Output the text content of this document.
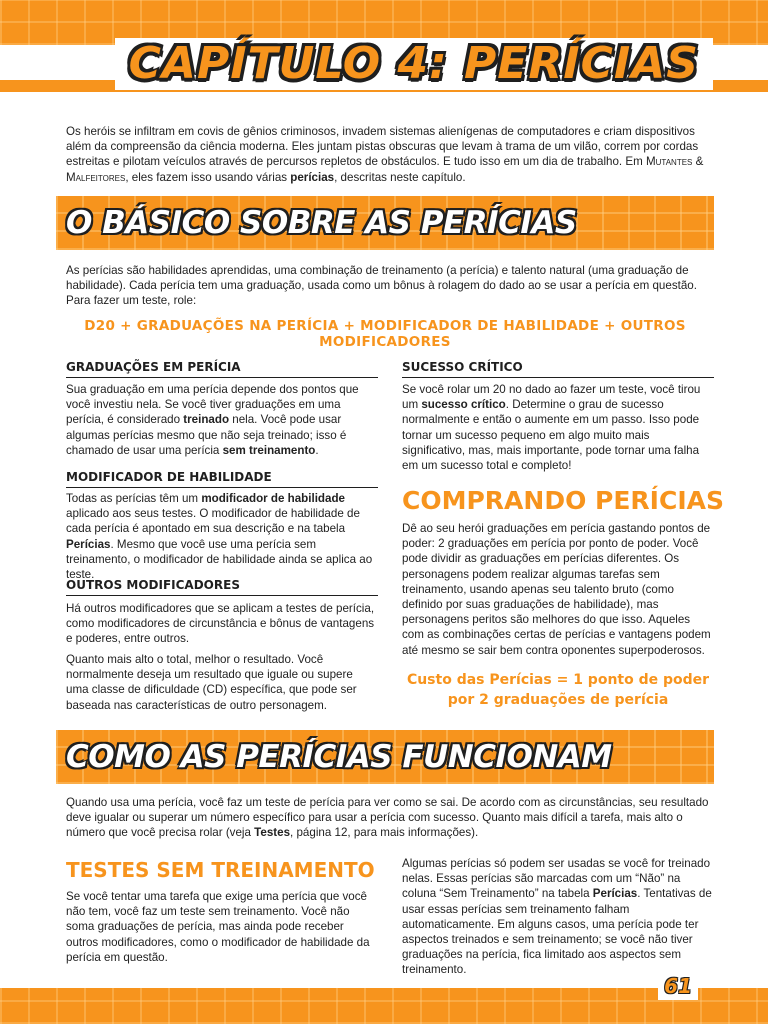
CAPÍTULO 4: PERÍCIAS

Os heróis se infiltram em covis de gênios criminosos, invadem sistemas alienígenas de computadores e criam dispositivos além da compreensão da ciência moderna. Eles juntam pistas obscuras que levam à trama de um vilão, correm por cordas estreitas e pilotam veículos através de percursos repletos de obstáculos. E tudo isso em um dia de trabalho. Em Mutantes & Malfeitores, eles fazem isso usando várias perícias, descritas neste capítulo.

O BÁSICO SOBRE AS PERÍCIAS

As perícias são habilidades aprendidas, uma combinação de treinamento (a perícia) e talento natural (uma graduação de habilidade). Cada perícia tem uma graduação, usada como um bônus à rolagem do dado ao se usar a perícia em questão. Para fazer um teste, role:

D20 + GRADUAÇÕES NA PERÍCIA + MODIFICADOR DE HABILIDADE + OUTROS MODIFICADORES
GRADUAÇÕES EM PERÍCIA

Sua graduação em uma perícia depende dos pontos que você investiu nela. Se você tiver graduações em uma perícia, é considerado treinado nela. Você pode usar algumas perícias mesmo que não seja treinado; isso é chamado de usar uma perícia sem treinamento.

MODIFICADOR DE HABILIDADE

Todas as perícias têm um modificador de habilidade aplicado aos seus testes. O modificador de habilidade de cada perícia é apontado em sua descrição e na tabela Perícias. Mesmo que você use uma perícia sem treinamento, o modificador de habilidade ainda se aplica ao teste.

OUTROS MODIFICADORES

Há outros modificadores que se aplicam a testes de perícia, como modificadores de circunstância e bônus de vantagens e poderes, entre outros.

Quanto mais alto o total, melhor o resultado. Você normalmente deseja um resultado que iguale ou supere uma classe de dificuldade (CD) específica, que pode ser baseada nas características de outro personagem.

SUCESSO CRÍTICO

Se você rolar um 20 no dado ao fazer um teste, você tirou um sucesso crítico. Determine o grau de sucesso normalmente e então o aumente em um passo. Isso pode tornar um sucesso pequeno em algo muito mais significativo, mas, mais importante, pode tornar uma falha em um sucesso total e completo!

COMPRANDO PERÍCIAS

Dê ao seu herói graduações em perícia gastando pontos de poder: 2 graduações em perícia por ponto de poder. Você pode dividir as graduações em perícias diferentes. Os personagens podem realizar algumas tarefas sem treinamento, usando apenas seu talento bruto (como definido por suas graduações de habilidade), mas personagens peritos são melhores do que isso. Aqueles com as combinações certas de perícias e vantagens podem até mesmo se sair bem contra oponentes superpoderosos.

Custo das Perícias = 1 ponto de poder
por 2 graduações de perícia
COMO AS PERÍCIAS FUNCIONAM

Quando usa uma perícia, você faz um teste de perícia para ver como se sai. De acordo com as circunstâncias, seu resultado deve igualar ou superar um número específico para usar a perícia com sucesso. Quanto mais difícil a tarefa, mais alto o número que você precisa rolar (veja Testes, página 12, para mais informações).

TESTES SEM TREINAMENTO

Se você tentar uma tarefa que exige uma perícia que você não tem, você faz um teste sem treinamento. Você não soma graduações de perícia, mas ainda pode receber outros modificadores, como o modificador de habilidade da perícia em questão.

Algumas perícias só podem ser usadas se você for treinado nelas. Essas perícias são marcadas com um “Não” na coluna “Sem Treinamento” na tabela Perícias. Tentativas de usar essas perícias sem treinamento falham automaticamente. Em alguns casos, uma perícia pode ter aspectos treinados e sem treinamento; se você não tiver graduações na perícia, fica limitado aos aspectos sem treinamento.

61
